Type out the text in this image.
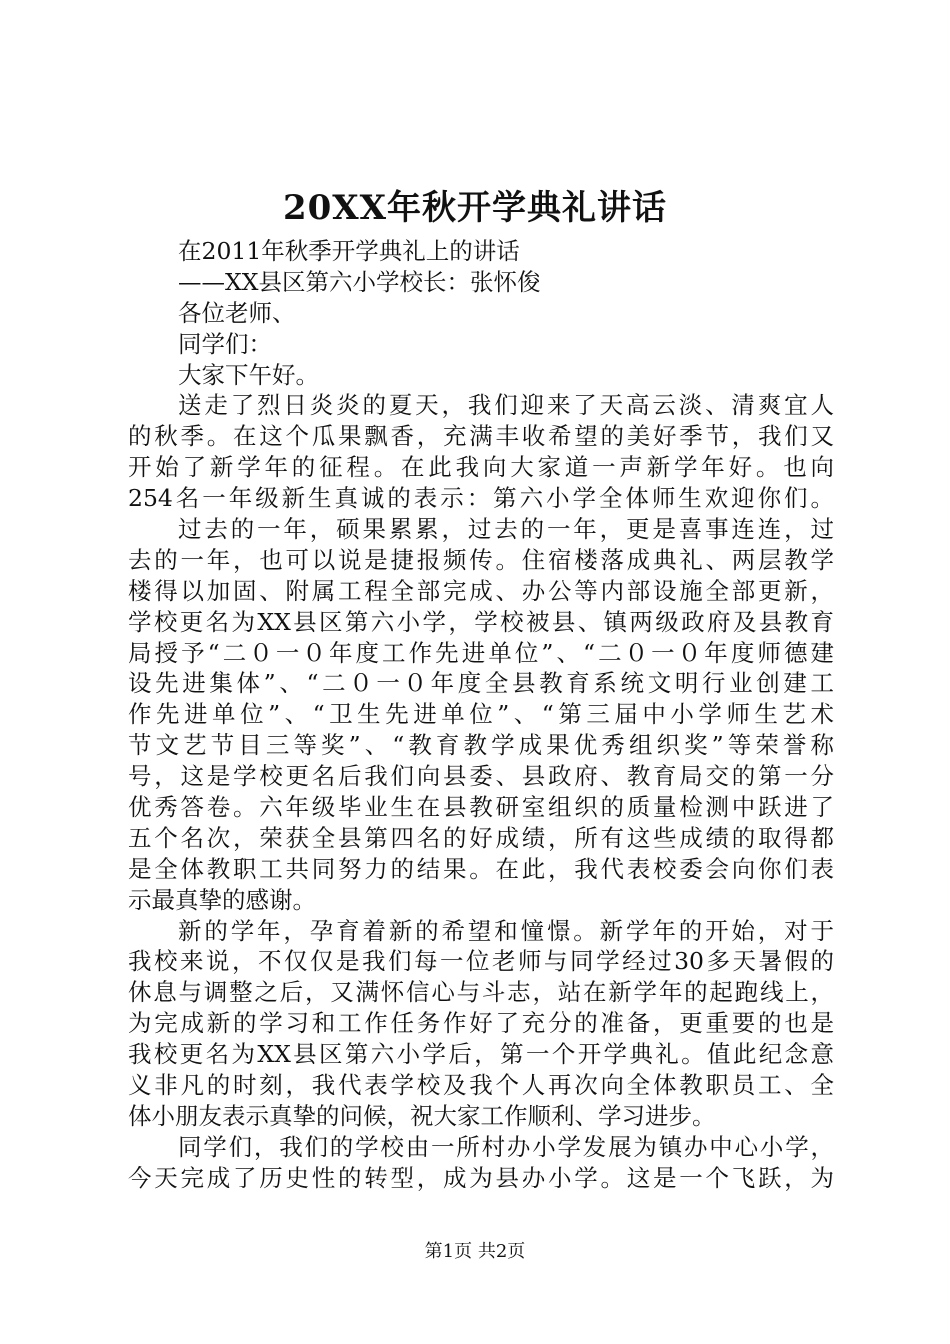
20XX年秋开学典礼讲话
在2011年秋季开学典礼上的讲话
——XX县区第六小学校长：张怀俊
各位老师、
同学们：
大家下午好。
送走了烈日炎炎的夏天，我们迎来了天高云淡、清爽宜人
的秋季。在这个瓜果飘香，充满丰收希望的美好季节，我们又
开始了新学年的征程。在此我向大家道一声新学年好。也向
254名一年级新生真诚的表示：第六小学全体师生欢迎你们。
过去的一年，硕果累累，过去的一年，更是喜事连连，过
去的一年，也可以说是捷报频传。住宿楼落成典礼、两层教学
楼得以加固、附属工程全部完成、办公等内部设施全部更新，
学校更名为XX县区第六小学，学校被县、镇两级政府及县教育
局授予“二０一０年度工作先进单位”、“二０一０年度师德建
设先进集体”、“二０一０年度全县教育系统文明行业创建工
作先进单位”、“卫生先进单位”、“第三届中小学师生艺术
节文艺节目三等奖”、“教育教学成果优秀组织奖”等荣誉称
号，这是学校更名后我们向县委、县政府、教育局交的第一分
优秀答卷。六年级毕业生在县教研室组织的质量检测中跃进了
五个名次，荣获全县第四名的好成绩，所有这些成绩的取得都
是全体教职工共同努力的结果。在此，我代表校委会向你们表
示最真挚的感谢。
新的学年，孕育着新的希望和憧憬。新学年的开始，对于
我校来说，不仅仅是我们每一位老师与同学经过30多天暑假的
休息与调整之后，又满怀信心与斗志，站在新学年的起跑线上，
为完成新的学习和工作任务作好了充分的准备，更重要的也是
我校更名为XX县区第六小学后，第一个开学典礼。值此纪念意
义非凡的时刻，我代表学校及我个人再次向全体教职员工、全
体小朋友表示真挚的问候，祝大家工作顺利、学习进步。
同学们，我们的学校由一所村办小学发展为镇办中心小学，
今天完成了历史性的转型，成为县办小学。这是一个飞跃，为
第1页 共2页
